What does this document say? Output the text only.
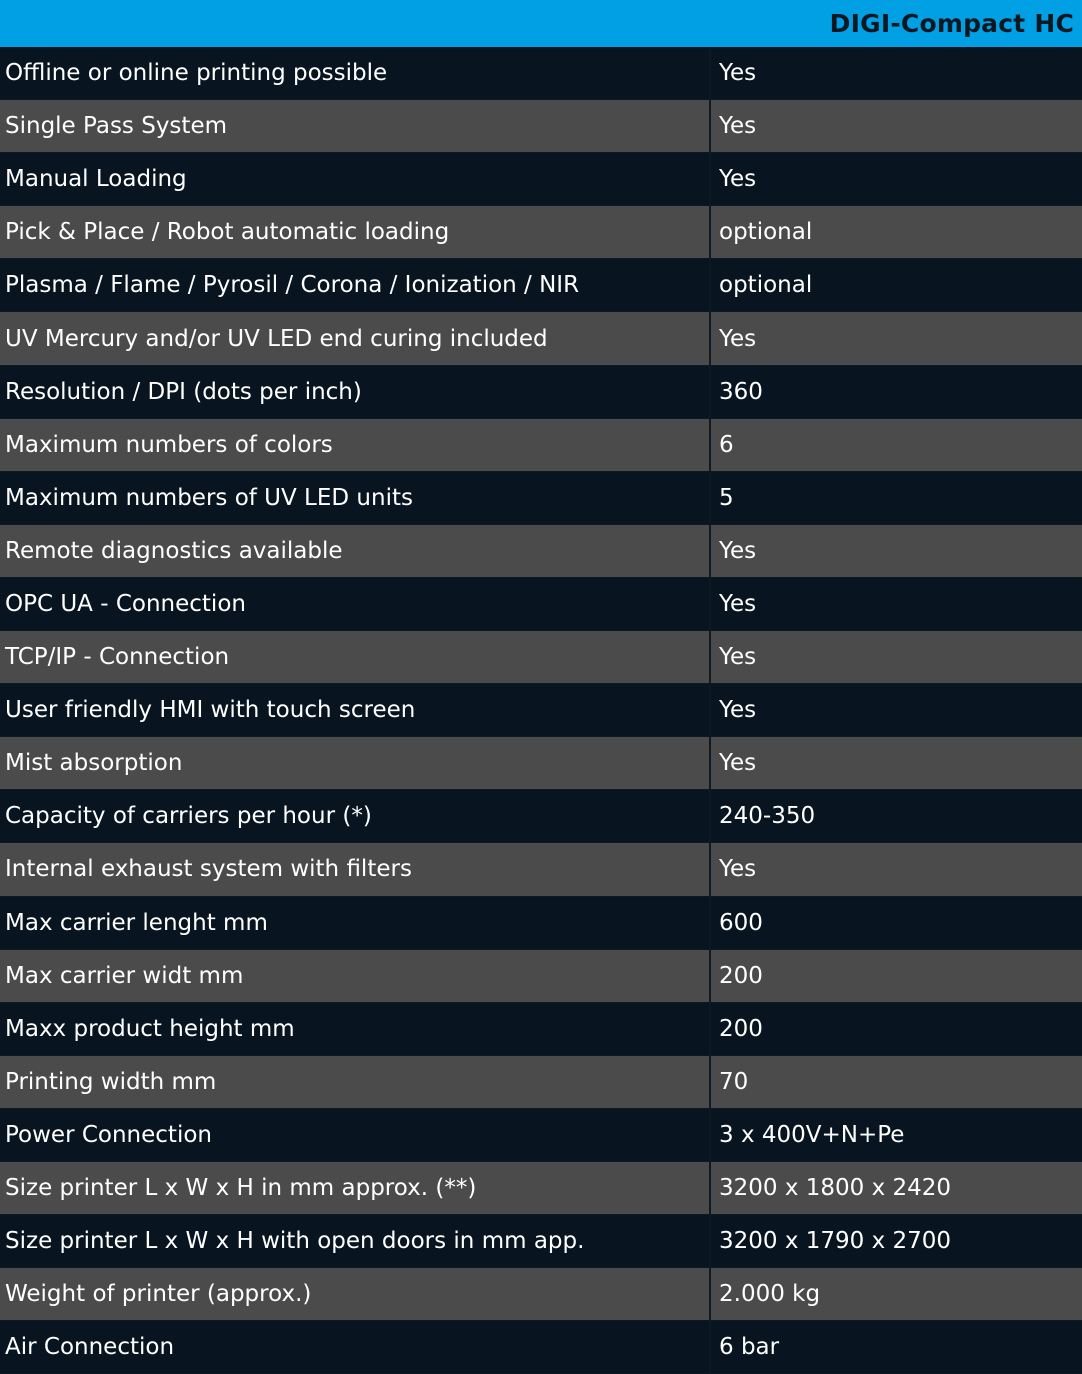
DIGI-Compact HC
Offline or online printing possible	Yes
Single Pass System	Yes
Manual Loading	Yes
Pick & Place / Robot automatic loading	optional
Plasma / Flame / Pyrosil / Corona / Ionization / NIR	optional
UV Mercury and/or UV LED end curing included	Yes
Resolution / DPI (dots per inch)	360
Maximum numbers of colors	6
Maximum numbers of UV LED units	5
Remote diagnostics available	Yes
OPC UA - Connection	Yes
TCP/IP - Connection	Yes
User friendly HMI with touch screen	Yes
Mist absorption	Yes
Capacity of carriers per hour (*)	240-350
Internal exhaust system with filters	Yes
Max carrier lenght mm	600
Max carrier widt mm	200
Maxx product height mm	200
Printing width mm	70
Power Connection	3 x 400V+N+Pe
Size printer L x W x H in mm approx. (**)	3200 x 1800 x 2420
Size printer L x W x H with open doors in mm app.	3200 x 1790 x 2700
Weight of printer (approx.)	2.000 kg
Air Connection	6 bar
